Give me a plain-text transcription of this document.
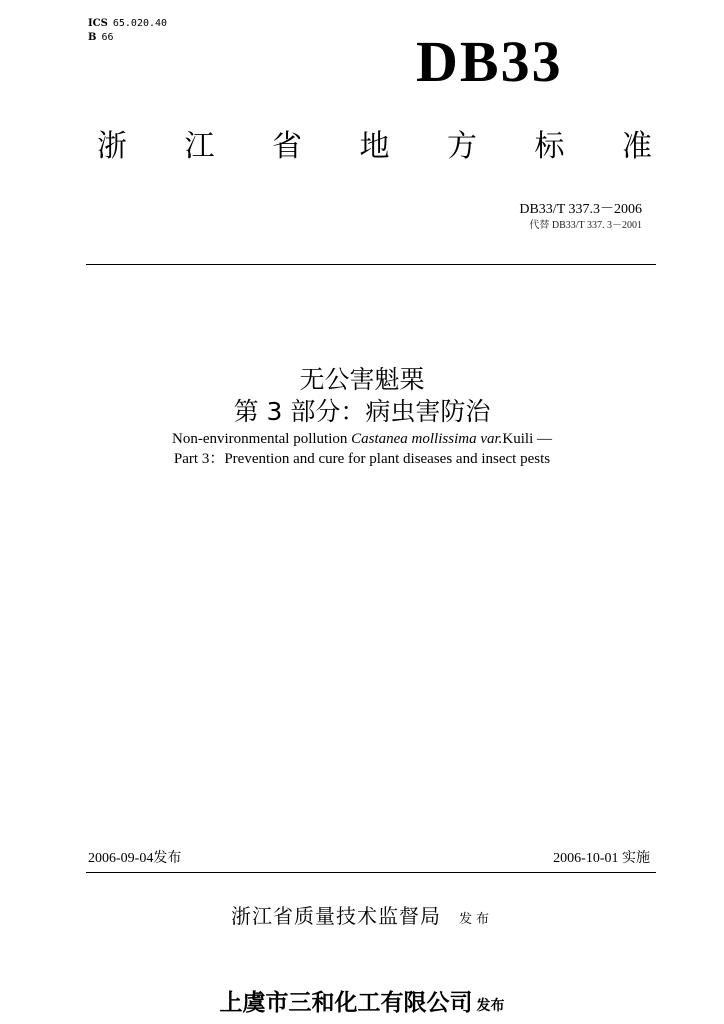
ICS 65.020.40
B 66	DB33
浙 江 省 地 方 标 准
DB33/T 337.3－2006
代替 DB33/T 337. 3－2001
无公害魁栗
第 3 部分：病虫害防治
Non-environmental pollution Castanea mollissima var.Kuili —
Part 3：Prevention and cure for plant diseases and insect pests
2006-09-04发布	2006-10-01 实施
浙江省质量技术监督局 发布
上虞市三和化工有限公司 发布
